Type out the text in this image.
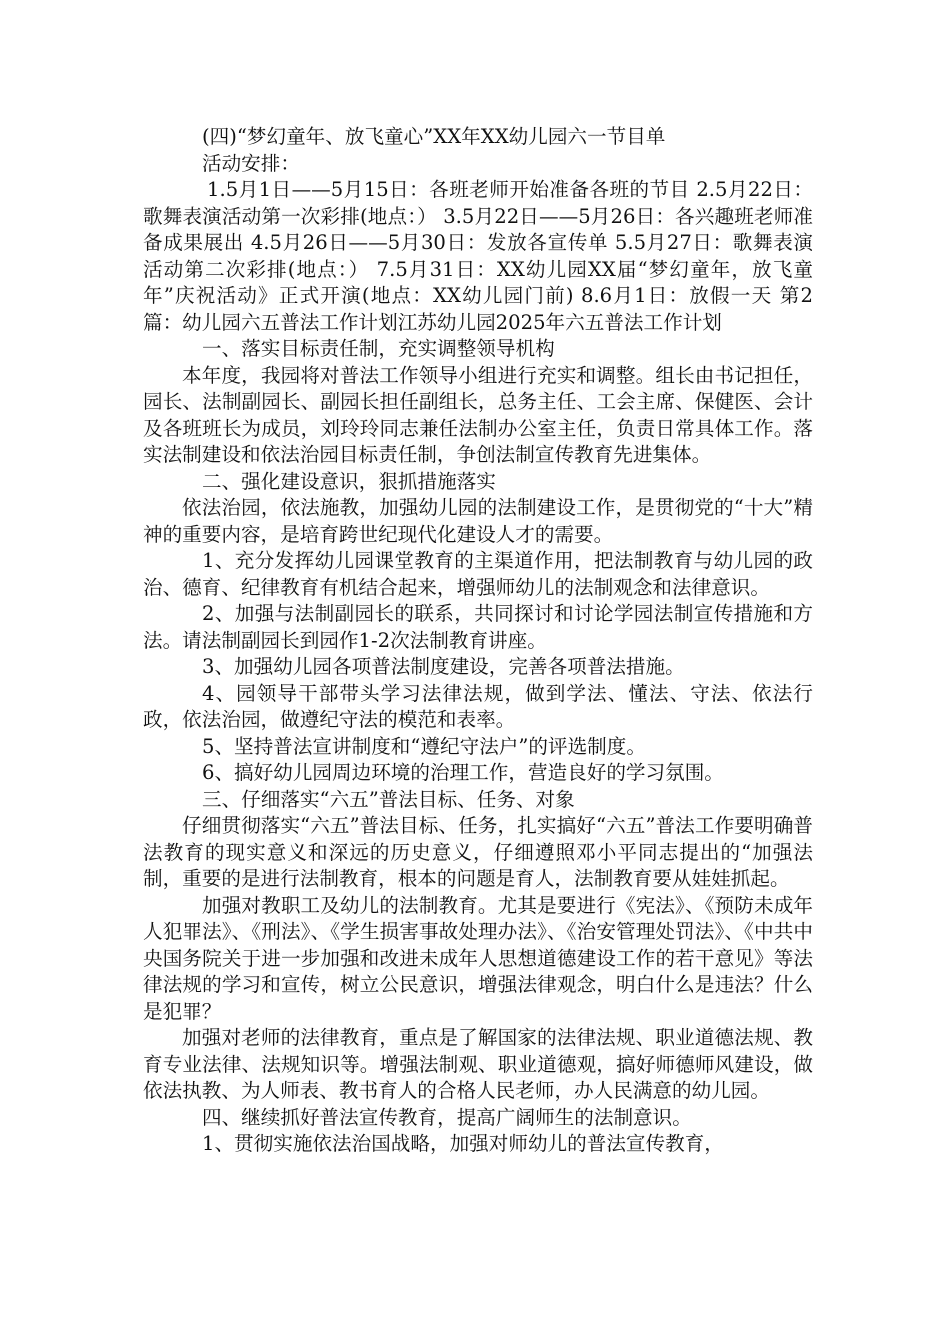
(四)“梦幻童年、放飞童心”XX年XX幼儿园六一节目单

活动安排：

1.5月1日——5月15日：各班老师开始准备各班的节目 2.5月22日：歌舞表演活动第一次彩排(地点：） 3.5月22日——5月26日：各兴趣班老师准备成果展出 4.5月26日——5月30日：发放各宣传单 5.5月27日：歌舞表演活动第二次彩排(地点：） 7.5月31日：XX幼儿园XX届“梦幻童年，放飞童年”庆祝活动》正式开演(地点：XX幼儿园门前) 8.6月1日：放假一天 第2篇：幼儿园六五普法工作计划江苏幼儿园2025年六五普法工作计划

一、落实目标责任制，充实调整领导机构

本年度，我园将对普法工作领导小组进行充实和调整。组长由书记担任，园长、法制副园长、副园长担任副组长，总务主任、工会主席、保健医、会计及各班班长为成员，刘玲玲同志兼任法制办公室主任，负责日常具体工作。落实法制建设和依法治园目标责任制，争创法制宣传教育先进集体。

二、强化建设意识，狠抓措施落实

依法治园，依法施教，加强幼儿园的法制建设工作，是贯彻党的“十大”精神的重要内容，是培育跨世纪现代化建设人才的需要。

1、充分发挥幼儿园课堂教育的主渠道作用，把法制教育与幼儿园的政治、德育、纪律教育有机结合起来，增强师幼儿的法制观念和法律意识。

2、加强与法制副园长的联系，共同探讨和讨论学园法制宣传措施和方法。请法制副园长到园作1-2次法制教育讲座。

3、加强幼儿园各项普法制度建设，完善各项普法措施。

4、园领导干部带头学习法律法规，做到学法、懂法、守法、依法行政，依法治园，做遵纪守法的模范和表率。

5、坚持普法宣讲制度和“遵纪守法户”的评选制度。

6、搞好幼儿园周边环境的治理工作，营造良好的学习氛围。

三、仔细落实“六五”普法目标、任务、对象

仔细贯彻落实“六五”普法目标、任务，扎实搞好“六五”普法工作要明确普法教育的现实意义和深远的历史意义，仔细遵照邓小平同志提出的“加强法制，重要的是进行法制教育，根本的问题是育人，法制教育要从娃娃抓起。

加强对教职工及幼儿的法制教育。尤其是要进行《宪法》、《预防未成年人犯罪法》、《刑法》、《学生损害事故处理办法》、《治安管理处罚法》、《中共中央国务院关于进一步加强和改进未成年人思想道德建设工作的若干意见》等法律法规的学习和宣传，树立公民意识，增强法律观念，明白什么是违法？什么是犯罪？

加强对老师的法律教育，重点是了解国家的法律法规、职业道德法规、教育专业法律、法规知识等。增强法制观、职业道德观，搞好师德师风建设，做依法执教、为人师表、教书育人的合格人民老师，办人民满意的幼儿园。

四、继续抓好普法宣传教育，提高广阔师生的法制意识。

1、贯彻实施依法治国战略，加强对师幼儿的普法宣传教育，
